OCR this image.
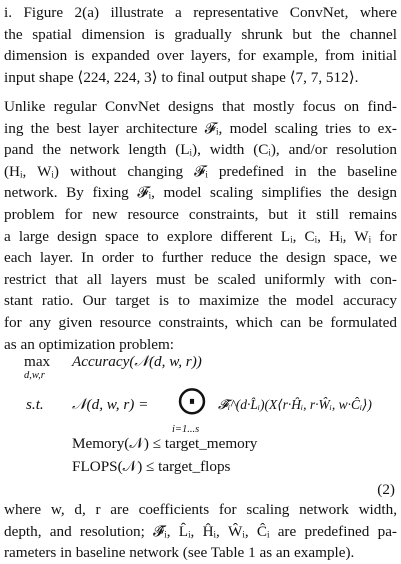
i. Figure 2(a) illustrate a representative ConvNet, where
the spatial dimension is gradually shrunk but the channel
dimension is expanded over layers, for example, from initial
input shape ⟨224, 224, 3⟩ to final output shape ⟨7, 7, 512⟩.
Unlike regular ConvNet designs that mostly focus on find-
ing the best layer architecture 𝓕ᵢ, model scaling tries to ex-
pand the network length (Lᵢ), width (Cᵢ), and/or resolution
(Hᵢ, Wᵢ) without changing 𝓕ᵢ predefined in the baseline
network. By fixing 𝓕ᵢ, model scaling simplifies the design
problem for new resource constraints, but it still remains
a large design space to explore different Lᵢ, Cᵢ, Hᵢ, Wᵢ for
each layer. In order to further reduce the design space, we
restrict that all layers must be scaled uniformly with con-
stant ratio. Our target is to maximize the model accuracy
for any given resource constraints, which can be formulated
as an optimization problem:
max
d,w,r
Accuracy(𝒩(d, w, r))
s.t. 𝒩(d, w, r) = ⨀
i=1...s
𝓕̂ᵢ^(d·L̂ᵢ)(X⟨r·Ĥᵢ, r·Ŵᵢ, w·Ĉᵢ⟩)
Memory(𝒩) ≤ target_memory
FLOPS(𝒩) ≤ target_flops
(2)
where w, d, r are coefficients for scaling network width,
depth, and resolution; 𝓕̂ᵢ, L̂ᵢ, Ĥᵢ, Ŵᵢ, Ĉᵢ are predefined pa-
rameters in baseline network (see Table 1 as an example).
